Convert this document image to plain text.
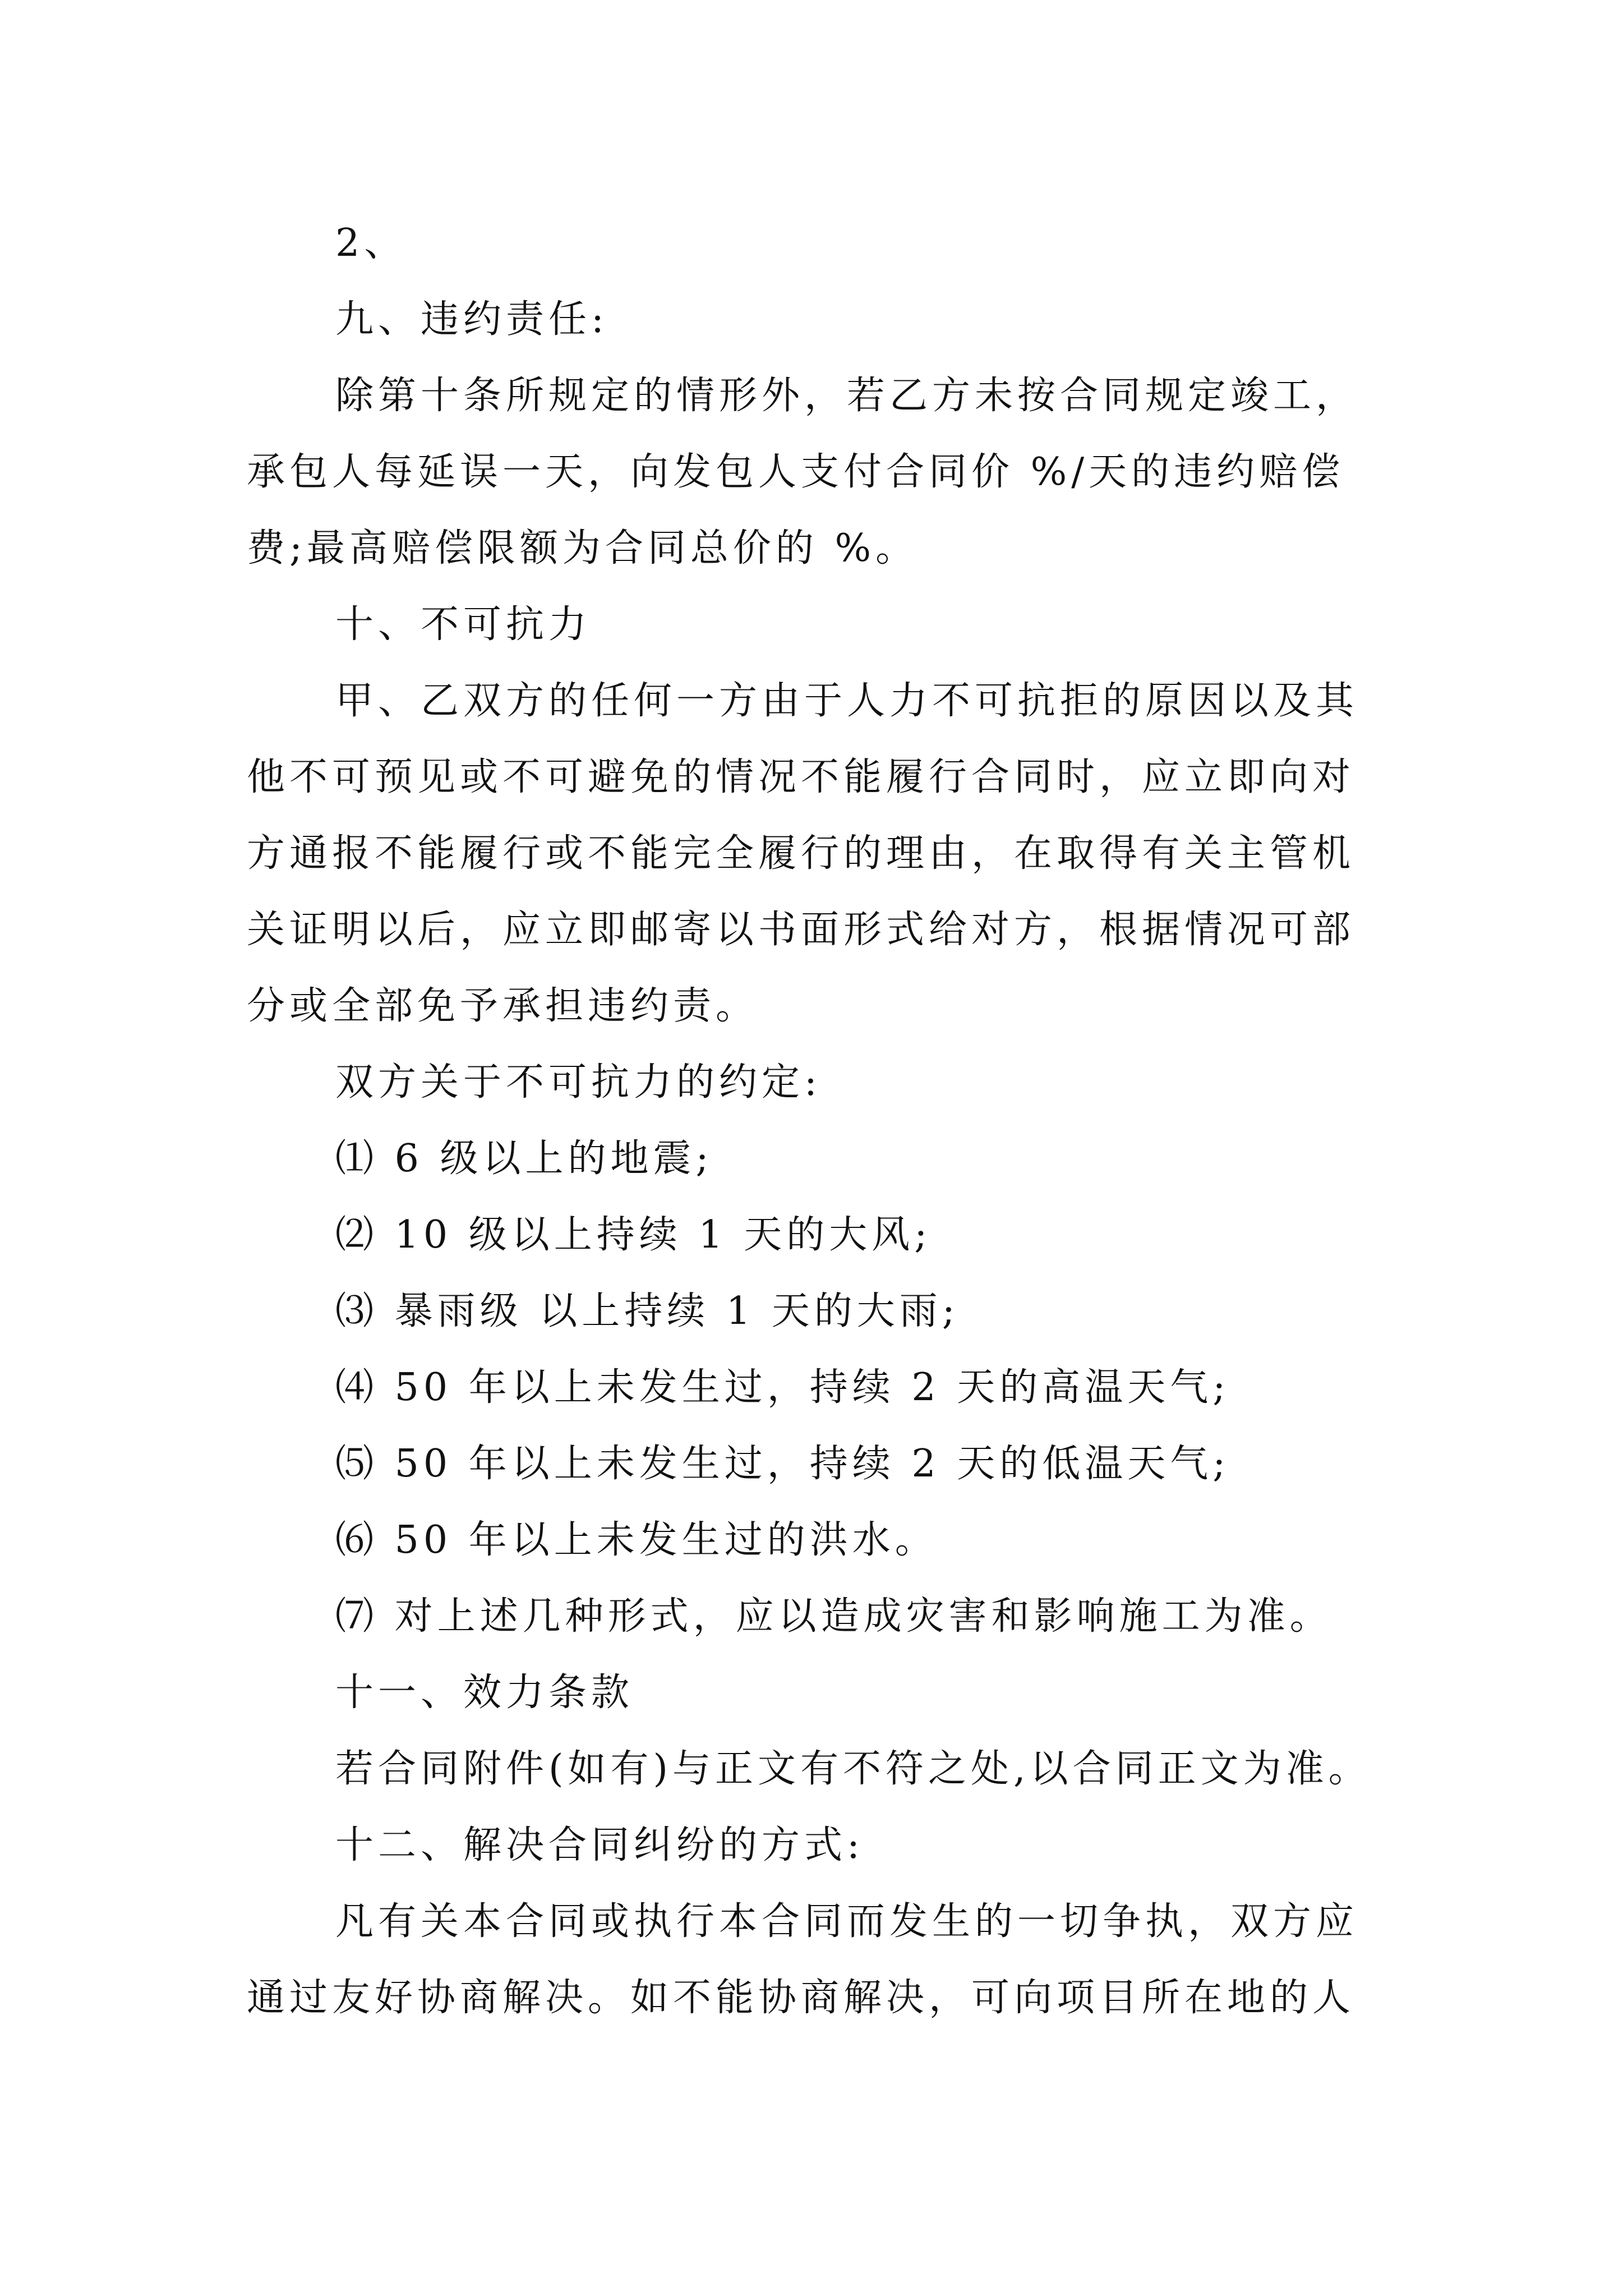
2、

九、违约责任:

除第十条所规定的情形外，若乙方未按合同规定竣工，

承包人每延误一天，向发包人支付合同价 %/天的违约赔偿

费;最高赔偿限额为合同总价的 %。

十、不可抗力

甲、乙双方的任何一方由于人力不可抗拒的原因以及其

他不可预见或不可避免的情况不能履行合同时，应立即向对

方通报不能履行或不能完全履行的理由，在取得有关主管机

关证明以后，应立即邮寄以书面形式给对方，根据情况可部

分或全部免予承担违约责。

双方关于不可抗力的约定:

⑴ 6 级以上的地震;

⑵ 10 级以上持续 1 天的大风;

⑶ 暴雨级 以上持续 1 天的大雨;

⑷ 50 年以上未发生过，持续 2 天的高温天气;

⑸ 50 年以上未发生过，持续 2 天的低温天气;

⑹ 50 年以上未发生过的洪水。

⑺ 对上述几种形式，应以造成灾害和影响施工为准。

十一、效力条款

若合同附件(如有)与正文有不符之处,以合同正文为准。

十二、解决合同纠纷的方式:

凡有关本合同或执行本合同而发生的一切争执，双方应

通过友好协商解决。如不能协商解决，可向项目所在地的人
